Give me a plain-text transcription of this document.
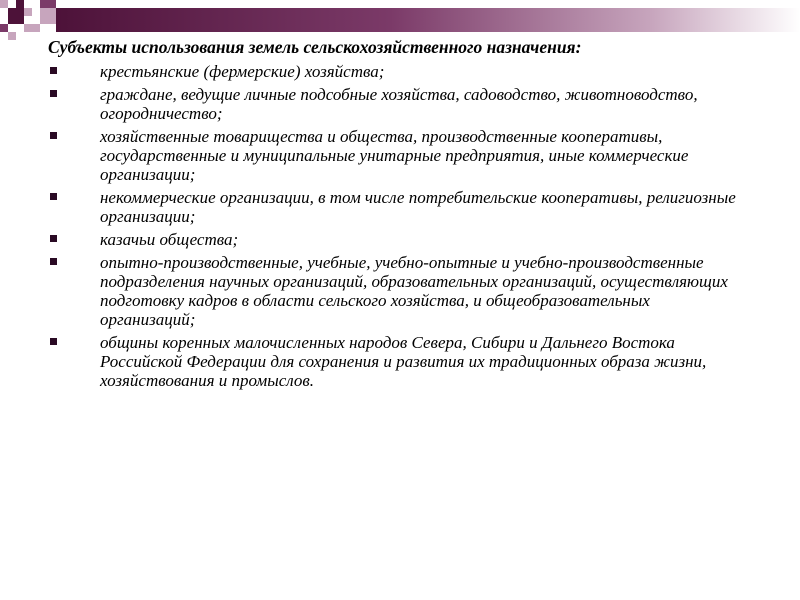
Субъекты использования земель сельскохозяйственного назначения:
крестьянские (фермерские) хозяйства;
граждане, ведущие личные подсобные хозяйства, садоводство, животноводство, огородничество;
хозяйственные товарищества и общества, производственные кооперативы, государственные и муниципальные унитарные предприятия, иные коммерческие организации;
некоммерческие организации, в том числе потребительские кооперативы, религиозные организации;
казачьи общества;
опытно-производственные, учебные, учебно-опытные и учебно-производственные подразделения научных организаций, образовательных организаций, осуществляющих подготовку кадров в области сельского хозяйства, и общеобразовательных организаций;
общины коренных малочисленных народов Севера, Сибири и Дальнего Востока Российской Федерации для сохранения и развития их традиционных образа жизни, хозяйствования и промыслов.
